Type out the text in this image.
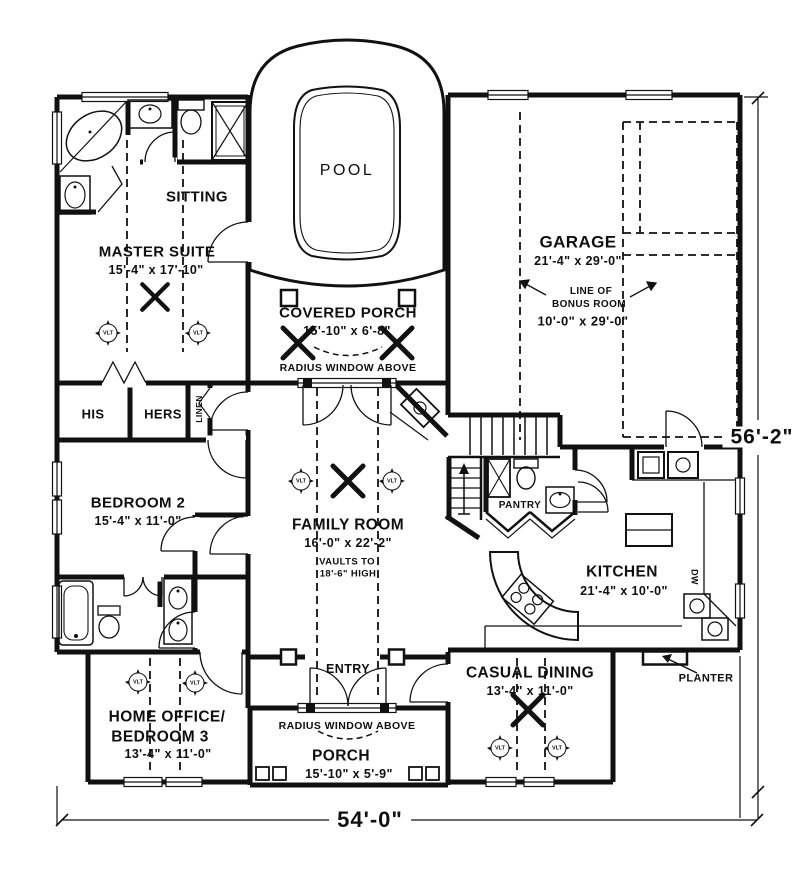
POOL
SITTING
MASTER SUITE
15'-4" x 17'-10"
COVERED PORCH
15'-10" x 6'-8"
RADIUS WINDOW ABOVE
GARAGE
21'-4" x 29'-0"
LINE OF
BONUS ROOM
10'-0" x 29'-0"
HIS	HERS LINEN
BEDROOM 2
15'-4" x 11'-0"	FAMILY ROOM
16'-0" x 22'-2"
VAULTS TO
18'-6" HIGH
PANTRY
KITCHEN
21'-4" x 10'-0"
CASUAL DINING
13'-4" x 11'-0"
HOME OFFICE/
BEDROOM 3
13'-4" x 11'-0"
ENTRY
RADIUS WINDOW ABOVE
PORCH
15'-10" x 5'-9"
PLANTER
DW
56'-2"
54'-0"
VLT	VLT
VLT	VLT
VLT	VLT
VLT	VLT
